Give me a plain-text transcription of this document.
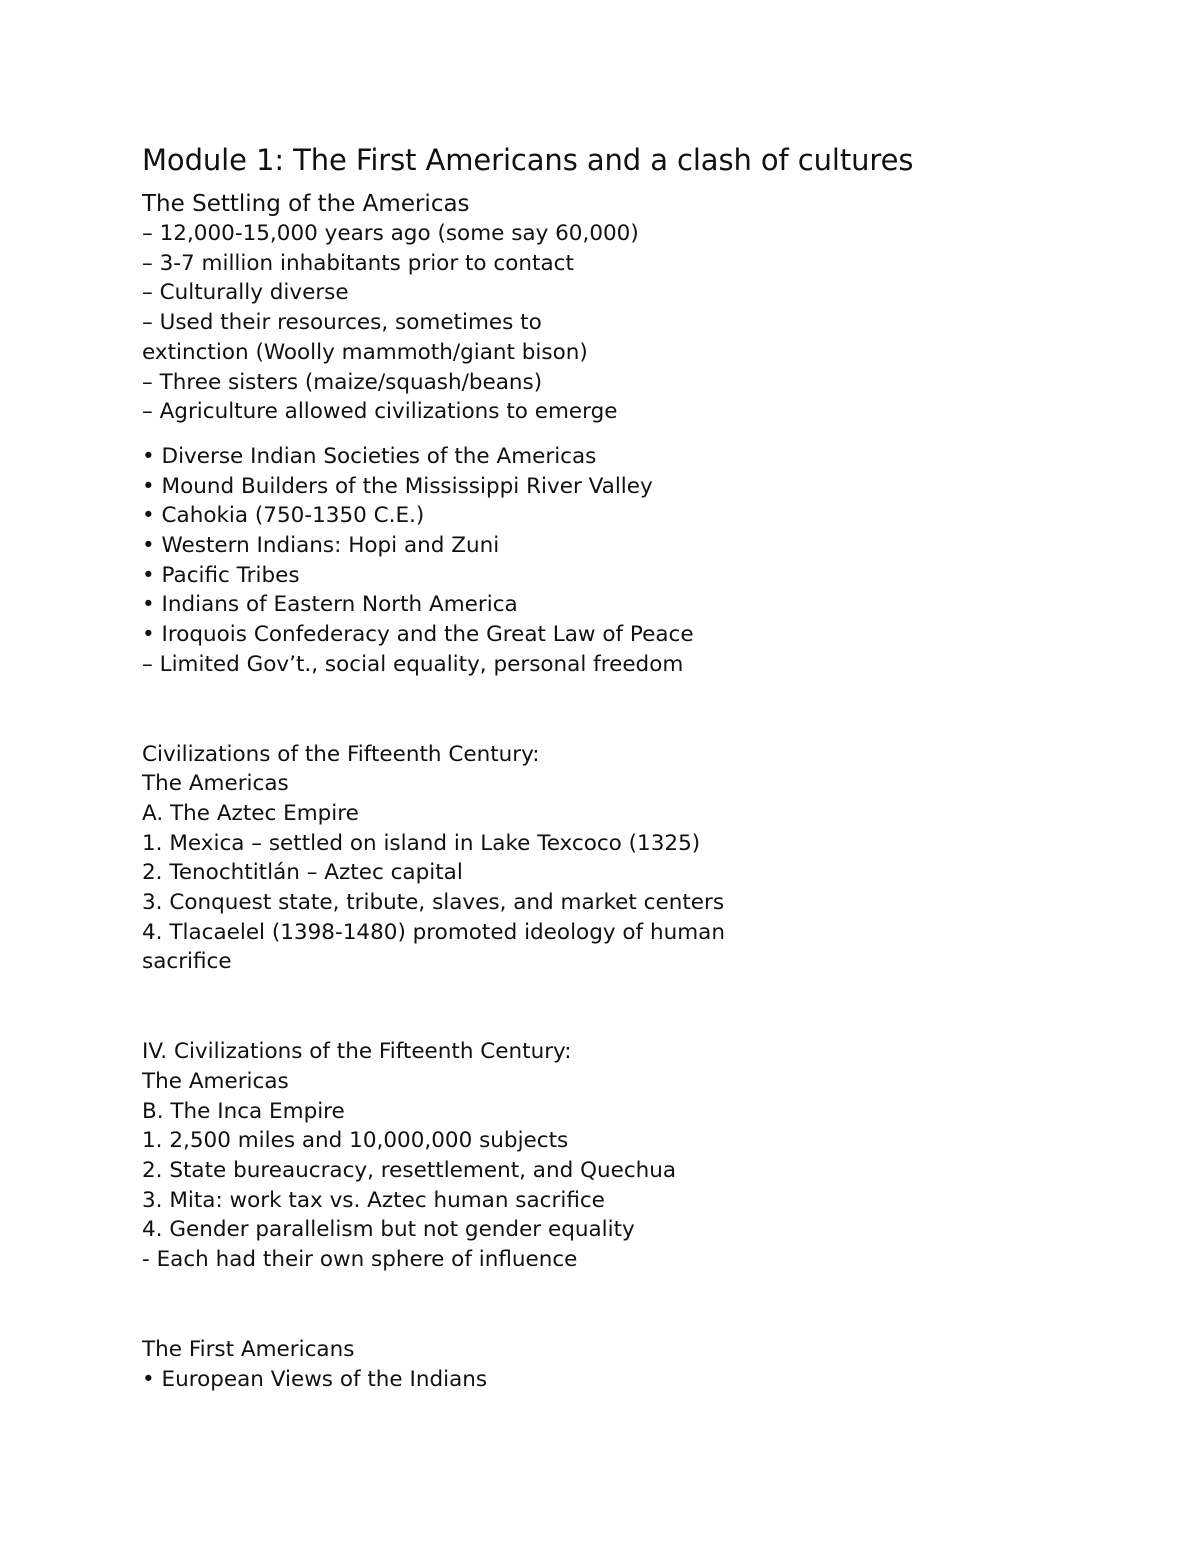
Module 1: The First Americans and a clash of cultures
The Settling of the Americas
– 12,000-15,000 years ago (some say 60,000)
– 3-7 million inhabitants prior to contact
– Culturally diverse
– Used their resources, sometimes to
extinction (Woolly mammoth/giant bison)
– Three sisters (maize/squash/beans)
– Agriculture allowed civilizations to emerge
• Diverse Indian Societies of the Americas
• Mound Builders of the Mississippi River Valley
• Cahokia (750-1350 C.E.)
• Western Indians: Hopi and Zuni
• Pacific Tribes
• Indians of Eastern North America
• Iroquois Confederacy and the Great Law of Peace
– Limited Gov’t., social equality, personal freedom
Civilizations of the Fifteenth Century:
The Americas
A. The Aztec Empire
1. Mexica – settled on island in Lake Texcoco (1325)
2. Tenochtitlán – Aztec capital
3. Conquest state, tribute, slaves, and market centers
4. Tlacaelel (1398-1480) promoted ideology of human
sacrifice
IV. Civilizations of the Fifteenth Century:
The Americas
B. The Inca Empire
1. 2,500 miles and 10,000,000 subjects
2. State bureaucracy, resettlement, and Quechua
3. Mita: work tax vs. Aztec human sacrifice
4. Gender parallelism but not gender equality
- Each had their own sphere of influence
The First Americans
• European Views of the Indians
